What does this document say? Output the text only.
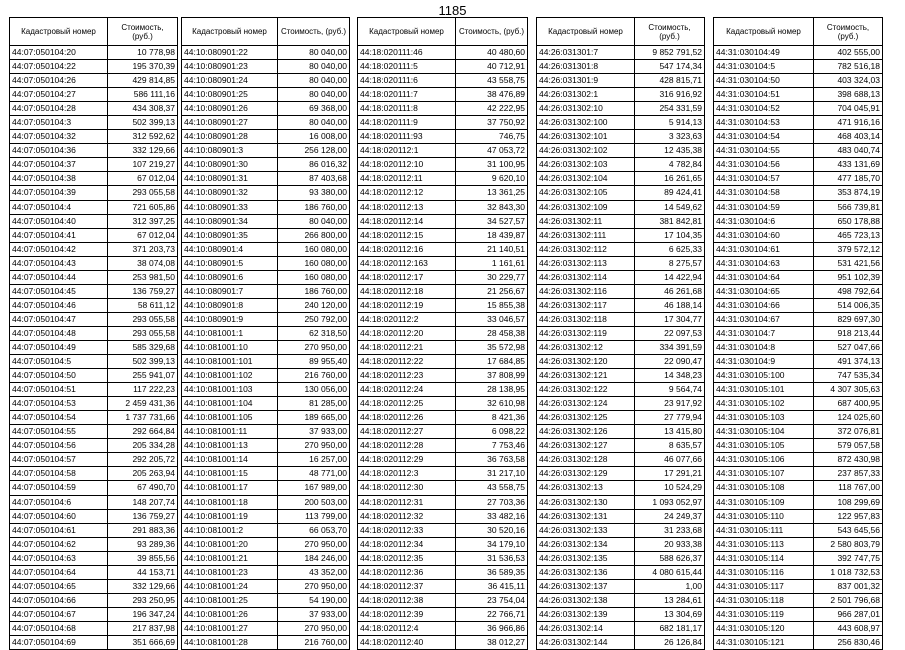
1185
Кадастровый номер	Стоимость, (руб.)
44:07:050104:20	10 778,98
44:07:050104:22	195 370,39
44:07:050104:26	429 814,85
44:07:050104:27	586 111,16
44:07:050104:28	434 308,37
44:07:050104:3	502 399,13
44:07:050104:32	312 592,62
44:07:050104:36	332 129,66
44:07:050104:37	107 219,27
44:07:050104:38	67 012,04
44:07:050104:39	293 055,58
44:07:050104:4	721 605,86
44:07:050104:40	312 397,25
44:07:050104:41	67 012,04
44:07:050104:42	371 203,73
44:07:050104:43	38 074,08
44:07:050104:44	253 981,50
44:07:050104:45	136 759,27
44:07:050104:46	58 611,12
44:07:050104:47	293 055,58
44:07:050104:48	293 055,58
44:07:050104:49	585 329,68
44:07:050104:5	502 399,13
44:07:050104:50	255 941,07
44:07:050104:51	117 222,23
44:07:050104:53	2 459 431,36
44:07:050104:54	1 737 731,66
44:07:050104:55	292 664,84
44:07:050104:56	205 334,28
44:07:050104:57	292 205,72
44:07:050104:58	205 263,94
44:07:050104:59	67 490,70
44:07:050104:6	148 207,74
44:07:050104:60	136 759,27
44:07:050104:61	291 883,36
44:07:050104:62	93 289,36
44:07:050104:63	39 855,56
44:07:050104:64	44 153,71
44:07:050104:65	332 129,66
44:07:050104:66	293 250,95
44:07:050104:67	196 347,24
44:07:050104:68	217 837,98
44:07:050104:69	351 666,69
Кадастровый номер	Стоимость, (руб.)
44:10:080901:22	80 040,00
44:10:080901:23	80 040,00
44:10:080901:24	80 040,00
44:10:080901:25	80 040,00
44:10:080901:26	69 368,00
44:10:080901:27	80 040,00
44:10:080901:28	16 008,00
44:10:080901:3	256 128,00
44:10:080901:30	86 016,32
44:10:080901:31	87 403,68
44:10:080901:32	93 380,00
44:10:080901:33	186 760,00
44:10:080901:34	80 040,00
44:10:080901:35	266 800,00
44:10:080901:4	160 080,00
44:10:080901:5	160 080,00
44:10:080901:6	160 080,00
44:10:080901:7	186 760,00
44:10:080901:8	240 120,00
44:10:080901:9	250 792,00
44:10:081001:1	62 318,50
44:10:081001:10	270 950,00
44:10:081001:101	89 955,40
44:10:081001:102	216 760,00
44:10:081001:103	130 056,00
44:10:081001:104	81 285,00
44:10:081001:105	189 665,00
44:10:081001:11	37 933,00
44:10:081001:13	270 950,00
44:10:081001:14	16 257,00
44:10:081001:15	48 771,00
44:10:081001:17	167 989,00
44:10:081001:18	200 503,00
44:10:081001:19	113 799,00
44:10:081001:2	66 053,70
44:10:081001:20	270 950,00
44:10:081001:21	184 246,00
44:10:081001:23	43 352,00
44:10:081001:24	270 950,00
44:10:081001:25	54 190,00
44:10:081001:26	37 933,00
44:10:081001:27	270 950,00
44:10:081001:28	216 760,00
Кадастровый номер	Стоимость, (руб.)
44:18:020111:46	40 480,60
44:18:020111:5	40 712,91
44:18:020111:6	43 558,75
44:18:020111:7	38 476,89
44:18:020111:8	42 222,95
44:18:020111:9	37 750,92
44:18:020111:93	746,75
44:18:020112:1	47 053,72
44:18:020112:10	31 100,95
44:18:020112:11	9 620,10
44:18:020112:12	13 361,25
44:18:020112:13	32 843,30
44:18:020112:14	34 527,57
44:18:020112:15	18 439,87
44:18:020112:16	21 140,51
44:18:020112:163	1 161,61
44:18:020112:17	30 229,77
44:18:020112:18	21 256,67
44:18:020112:19	15 855,38
44:18:020112:2	33 046,57
44:18:020112:20	28 458,38
44:18:020112:21	35 572,98
44:18:020112:22	17 684,85
44:18:020112:23	37 808,99
44:18:020112:24	28 138,95
44:18:020112:25	32 610,98
44:18:020112:26	8 421,36
44:18:020112:27	6 098,22
44:18:020112:28	7 753,46
44:18:020112:29	36 763,58
44:18:020112:3	31 217,10
44:18:020112:30	43 558,75
44:18:020112:31	27 703,36
44:18:020112:32	33 482,16
44:18:020112:33	30 520,16
44:18:020112:34	34 179,10
44:18:020112:35	31 536,53
44:18:020112:36	36 589,35
44:18:020112:37	36 415,11
44:18:020112:38	23 754,04
44:18:020112:39	22 766,71
44:18:020112:4	36 966,86
44:18:020112:40	38 012,27
Кадастровый номер	Стоимость, (руб.)
44:26:031301:7	9 852 791,52
44:26:031301:8	547 174,34
44:26:031301:9	428 815,71
44:26:031302:1	316 916,92
44:26:031302:10	254 331,59
44:26:031302:100	5 914,13
44:26:031302:101	3 323,63
44:26:031302:102	12 435,38
44:26:031302:103	4 782,84
44:26:031302:104	16 261,65
44:26:031302:105	89 424,41
44:26:031302:109	14 549,62
44:26:031302:11	381 842,81
44:26:031302:111	17 104,35
44:26:031302:112	6 625,33
44:26:031302:113	8 275,57
44:26:031302:114	14 422,94
44:26:031302:116	46 261,68
44:26:031302:117	46 188,14
44:26:031302:118	17 304,77
44:26:031302:119	22 097,53
44:26:031302:12	334 391,59
44:26:031302:120	22 090,47
44:26:031302:121	14 348,23
44:26:031302:122	9 564,74
44:26:031302:124	23 917,92
44:26:031302:125	27 779,94
44:26:031302:126	13 415,80
44:26:031302:127	8 635,57
44:26:031302:128	46 077,66
44:26:031302:129	17 291,21
44:26:031302:13	10 524,29
44:26:031302:130	1 093 052,97
44:26:031302:131	24 249,37
44:26:031302:133	31 233,68
44:26:031302:134	20 933,38
44:26:031302:135	588 626,37
44:26:031302:136	4 080 615,44
44:26:031302:137	1,00
44:26:031302:138	13 284,61
44:26:031302:139	13 304,69
44:26:031302:14	682 181,17
44:26:031302:144	26 126,84
Кадастровый номер	Стоимость, (руб.)
44:31:030104:49	402 555,00
44:31:030104:5	782 516,18
44:31:030104:50	403 324,03
44:31:030104:51	398 688,13
44:31:030104:52	704 045,91
44:31:030104:53	471 916,16
44:31:030104:54	468 403,14
44:31:030104:55	483 040,74
44:31:030104:56	433 131,69
44:31:030104:57	477 185,70
44:31:030104:58	353 874,19
44:31:030104:59	566 739,81
44:31:030104:6	650 178,88
44:31:030104:60	465 723,13
44:31:030104:61	379 572,12
44:31:030104:63	531 421,56
44:31:030104:64	951 102,39
44:31:030104:65	498 792,64
44:31:030104:66	514 006,35
44:31:030104:67	829 697,30
44:31:030104:7	918 213,44
44:31:030104:8	527 047,66
44:31:030104:9	491 374,13
44:31:030105:100	747 535,34
44:31:030105:101	4 307 305,63
44:31:030105:102	687 400,95
44:31:030105:103	124 025,60
44:31:030105:104	372 076,81
44:31:030105:105	579 057,58
44:31:030105:106	872 430,98
44:31:030105:107	237 857,33
44:31:030105:108	118 767,00
44:31:030105:109	108 299,69
44:31:030105:110	122 957,83
44:31:030105:111	543 645,56
44:31:030105:113	2 580 803,79
44:31:030105:114	392 747,75
44:31:030105:116	1 018 732,53
44:31:030105:117	837 001,32
44:31:030105:118	2 501 796,68
44:31:030105:119	966 287,01
44:31:030105:120	443 608,97
44:31:030105:121	256 830,46
